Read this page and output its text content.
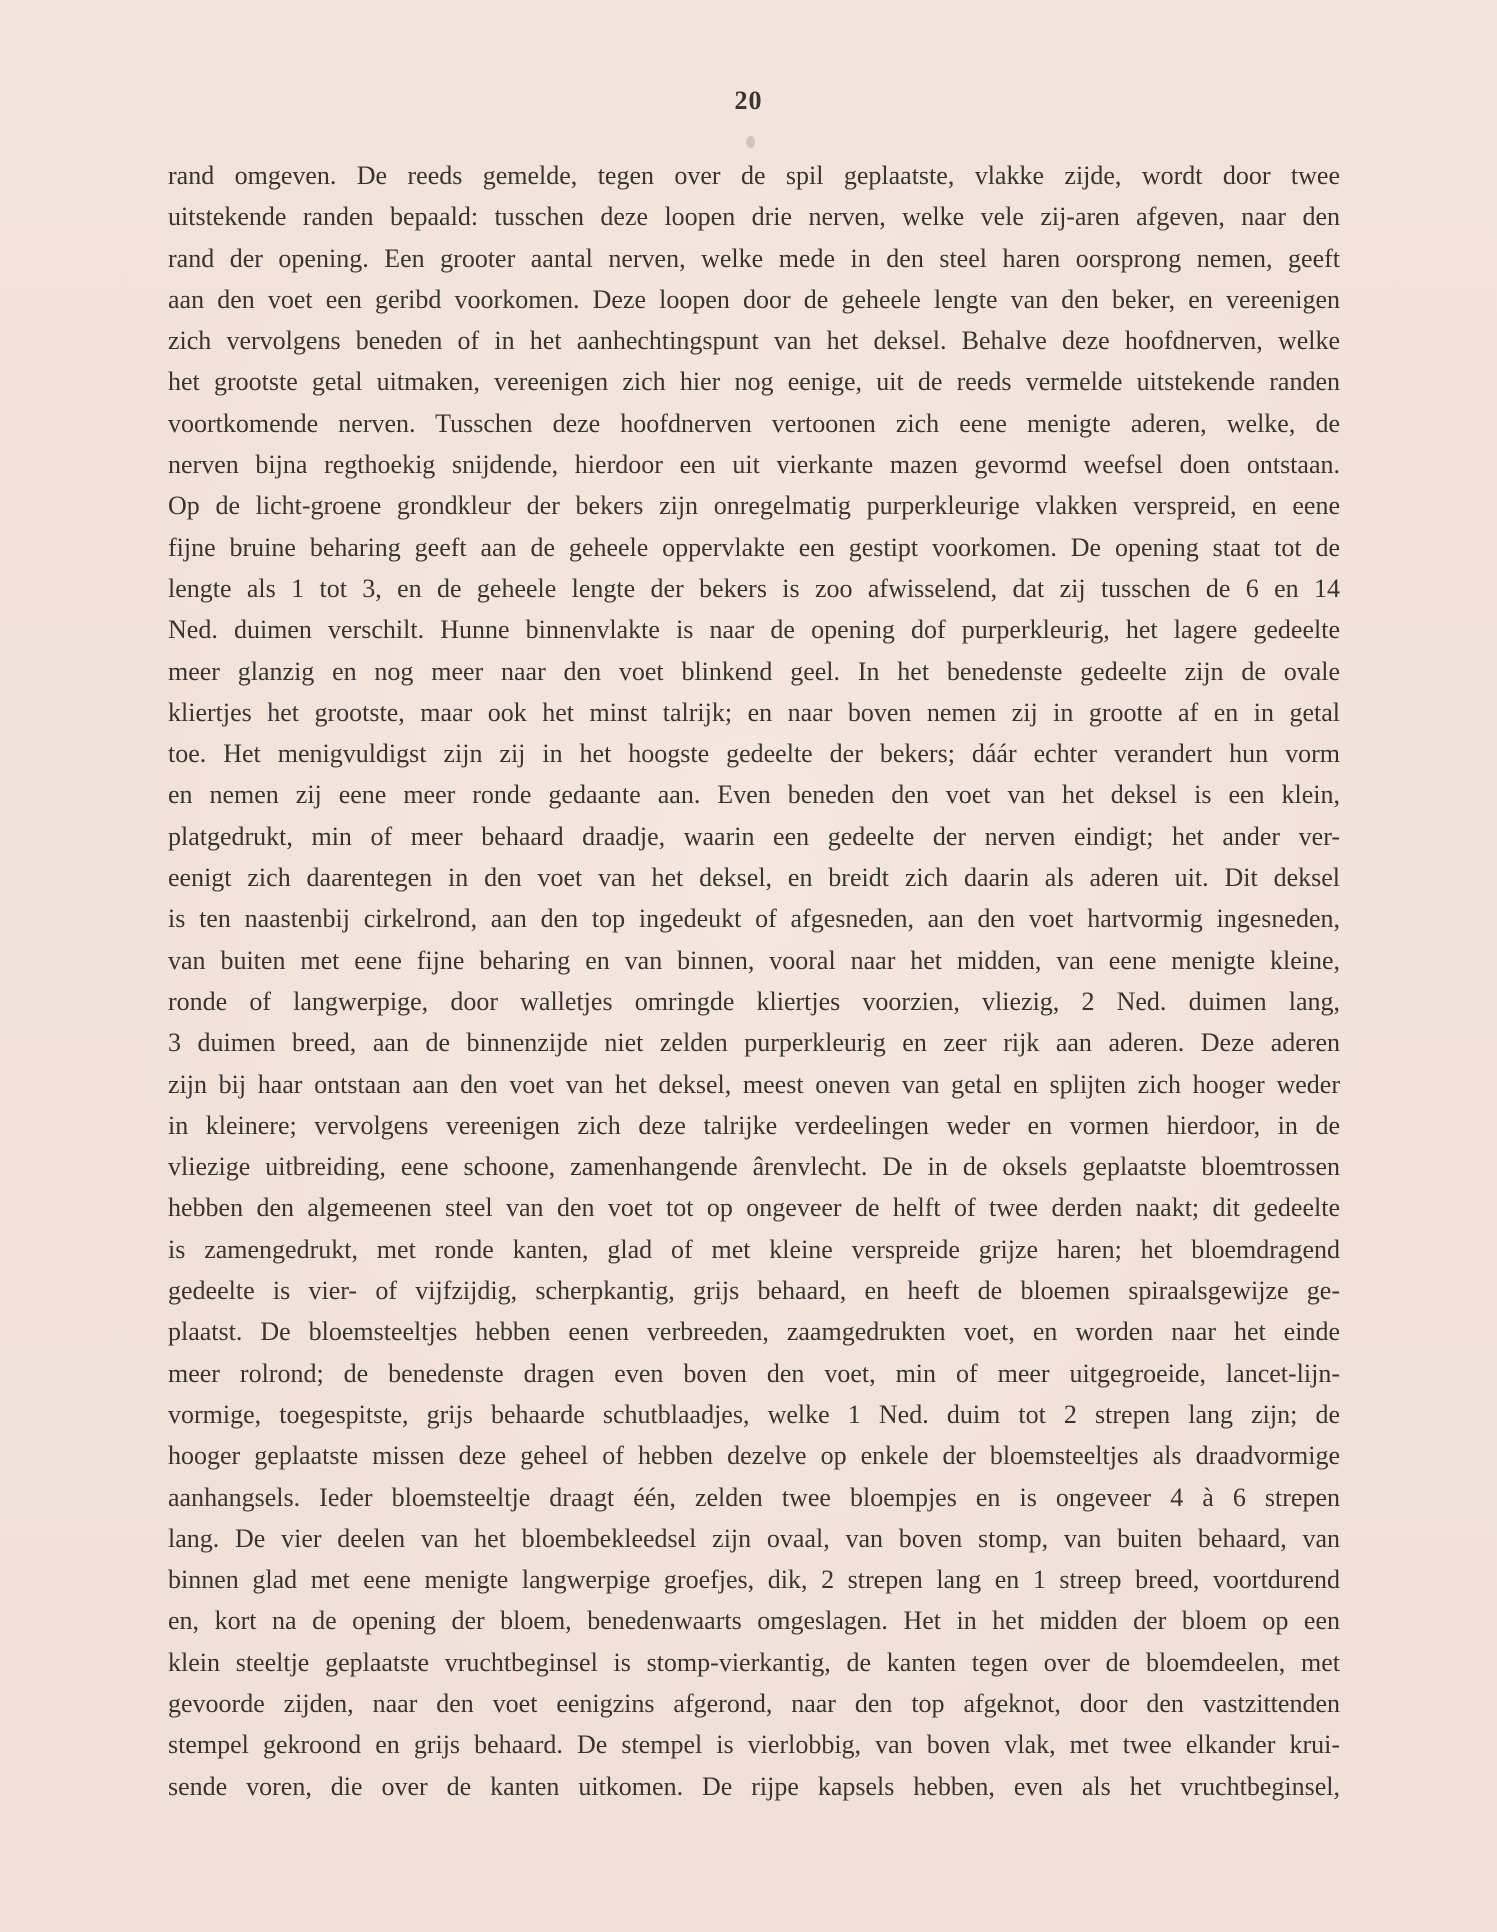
20
rand omgeven. De reeds gemelde, tegen over de spil geplaatste, vlakke zijde, wordt door twee
uitstekende randen bepaald: tusschen deze loopen drie nerven, welke vele zij-aren afgeven, naar den
rand der opening. Een grooter aantal nerven, welke mede in den steel haren oorsprong nemen, geeft
aan den voet een geribd voorkomen. Deze loopen door de geheele lengte van den beker, en vereenigen
zich vervolgens beneden of in het aanhechtingspunt van het deksel. Behalve deze hoofdnerven, welke
het grootste getal uitmaken, vereenigen zich hier nog eenige, uit de reeds vermelde uitstekende randen
voortkomende nerven. Tusschen deze hoofdnerven vertoonen zich eene menigte aderen, welke, de
nerven bijna regthoekig snijdende, hierdoor een uit vierkante mazen gevormd weefsel doen ontstaan.
Op de licht-groene grondkleur der bekers zijn onregelmatig purperkleurige vlakken verspreid, en eene
fijne bruine beharing geeft aan de geheele oppervlakte een gestipt voorkomen. De opening staat tot de
lengte als 1 tot 3, en de geheele lengte der bekers is zoo afwisselend, dat zij tusschen de 6 en 14
Ned. duimen verschilt. Hunne binnenvlakte is naar de opening dof purperkleurig, het lagere gedeelte
meer glanzig en nog meer naar den voet blinkend geel. In het benedenste gedeelte zijn de ovale
kliertjes het grootste, maar ook het minst talrijk; en naar boven nemen zij in grootte af en in getal
toe. Het menigvuldigst zijn zij in het hoogste gedeelte der bekers; dáár echter verandert hun vorm
en nemen zij eene meer ronde gedaante aan. Even beneden den voet van het deksel is een klein,
platgedrukt, min of meer behaard draadje, waarin een gedeelte der nerven eindigt; het ander ver-
eenigt zich daarentegen in den voet van het deksel, en breidt zich daarin als aderen uit. Dit deksel
is ten naastenbij cirkelrond, aan den top ingedeukt of afgesneden, aan den voet hartvormig ingesneden,
van buiten met eene fijne beharing en van binnen, vooral naar het midden, van eene menigte kleine,
ronde of langwerpige, door walletjes omringde kliertjes voorzien, vliezig, 2 Ned. duimen lang,
3 duimen breed, aan de binnenzijde niet zelden purperkleurig en zeer rijk aan aderen. Deze aderen
zijn bij haar ontstaan aan den voet van het deksel, meest oneven van getal en splijten zich hooger weder
in kleinere; vervolgens vereenigen zich deze talrijke verdeelingen weder en vormen hierdoor, in de
vliezige uitbreiding, eene schoone, zamenhangende ârenvlecht. De in de oksels geplaatste bloemtrossen
hebben den algemeenen steel van den voet tot op ongeveer de helft of twee derden naakt; dit gedeelte
is zamengedrukt, met ronde kanten, glad of met kleine verspreide grijze haren; het bloemdragend
gedeelte is vier- of vijfzijdig, scherpkantig, grijs behaard, en heeft de bloemen spiraalsgewijze ge-
plaatst. De bloemsteeltjes hebben eenen verbreeden, zaamgedrukten voet, en worden naar het einde
meer rolrond; de benedenste dragen even boven den voet, min of meer uitgegroeide, lancet-lijn-
vormige, toegespitste, grijs behaarde schutblaadjes, welke 1 Ned. duim tot 2 strepen lang zijn; de
hooger geplaatste missen deze geheel of hebben dezelve op enkele der bloemsteeltjes als draadvormige
aanhangsels. Ieder bloemsteeltje draagt één, zelden twee bloempjes en is ongeveer 4 à 6 strepen
lang. De vier deelen van het bloembekleedsel zijn ovaal, van boven stomp, van buiten behaard, van
binnen glad met eene menigte langwerpige groefjes, dik, 2 strepen lang en 1 streep breed, voortdurend
en, kort na de opening der bloem, benedenwaarts omgeslagen. Het in het midden der bloem op een
klein steeltje geplaatste vruchtbeginsel is stomp-vierkantig, de kanten tegen over de bloemdeelen, met
gevoorde zijden, naar den voet eenigzins afgerond, naar den top afgeknot, door den vastzittenden
stempel gekroond en grijs behaard. De stempel is vierlobbig, van boven vlak, met twee elkander krui-
sende voren, die over de kanten uitkomen. De rijpe kapsels hebben, even als het vruchtbeginsel,
